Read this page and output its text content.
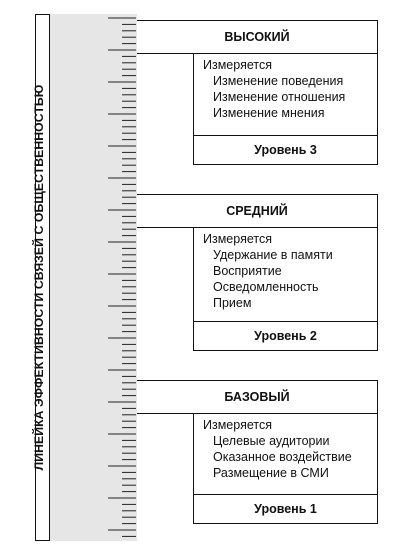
ЛИНЕЙКА ЭФФЕКТИВНОСТИ СВЯЗЕЙ С ОБЩЕСТВЕННОСТЬЮ
ВЫСОКИЙ
Измеряется
Изменение поведения
Изменение отношения
Изменение мнения
Уровень 3
СРЕДНИЙ
Измеряется
Удержание в памяти
Восприятие
Осведомленность
Прием
Уровень 2
БАЗОВЫЙ
Измеряется
Целевые аудитории
Оказанное воздействие
Размещение в СМИ
Уровень 1
